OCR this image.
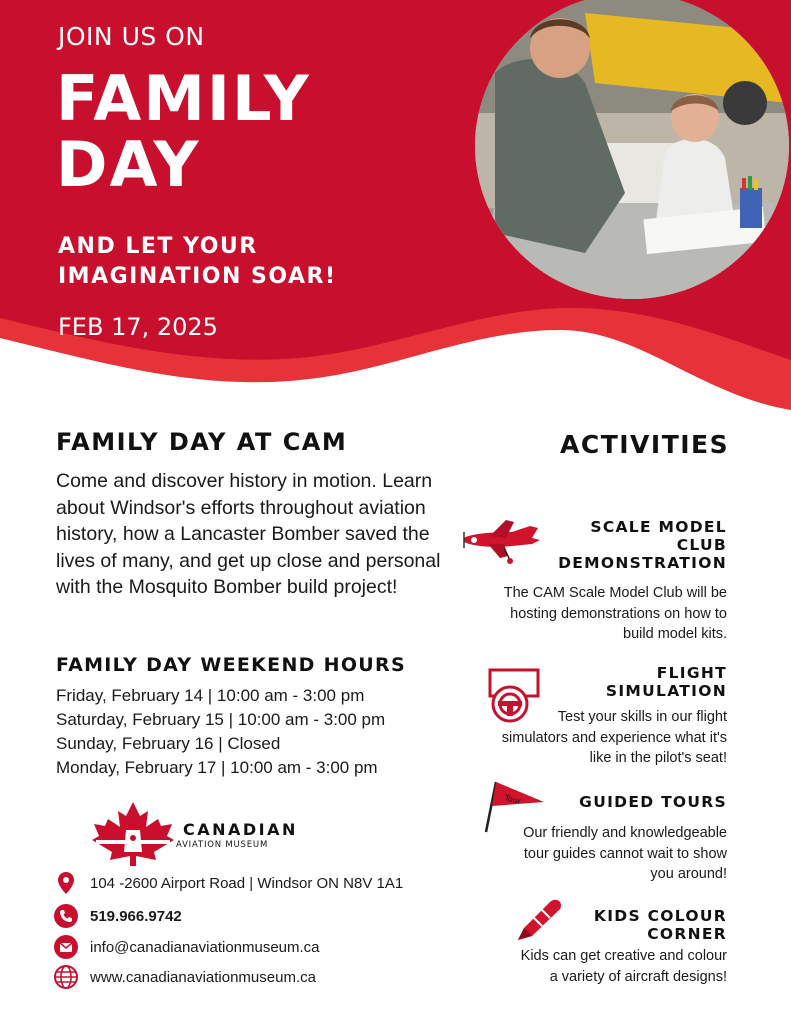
JOIN US ON
FAMILY
DAY
AND LET YOUR
IMAGINATION SOAR!
FEB 17, 2025
FAMILY DAY AT CAM
Come and discover history in motion. Learn about Windsor's efforts throughout aviation history, how a Lancaster Bomber saved the lives of many, and get up close and personal with the Mosquito Bomber build project!
FAMILY DAY WEEKEND HOURS
Friday, February 14 | 10:00 am - 3:00 pm
Saturday, February 15 | 10:00 am - 3:00 pm
Sunday, February 16 | Closed
Monday, February 17 | 10:00 am - 3:00 pm
CANADIAN
AVIATION MUSEUM
104 -2600 Airport Road | Windsor ON N8V 1A1
519.966.9742
info@canadianaviationmuseum.ca
www.canadianaviationmuseum.ca
ACTIVITIES
SCALE MODEL
CLUB
DEMONSTRATION
The CAM Scale Model Club will be
hosting demonstrations on how to
build model kits.
FLIGHT
SIMULATION
Test your skills in our flight
simulators and experience what it's
like in the pilot's seat!
Tour	GUIDED TOURS
Our friendly and knowledgeable
tour guides cannot wait to show
you around!
KIDS COLOUR
CORNER
Kids can get creative and colour
a variety of aircraft designs!
